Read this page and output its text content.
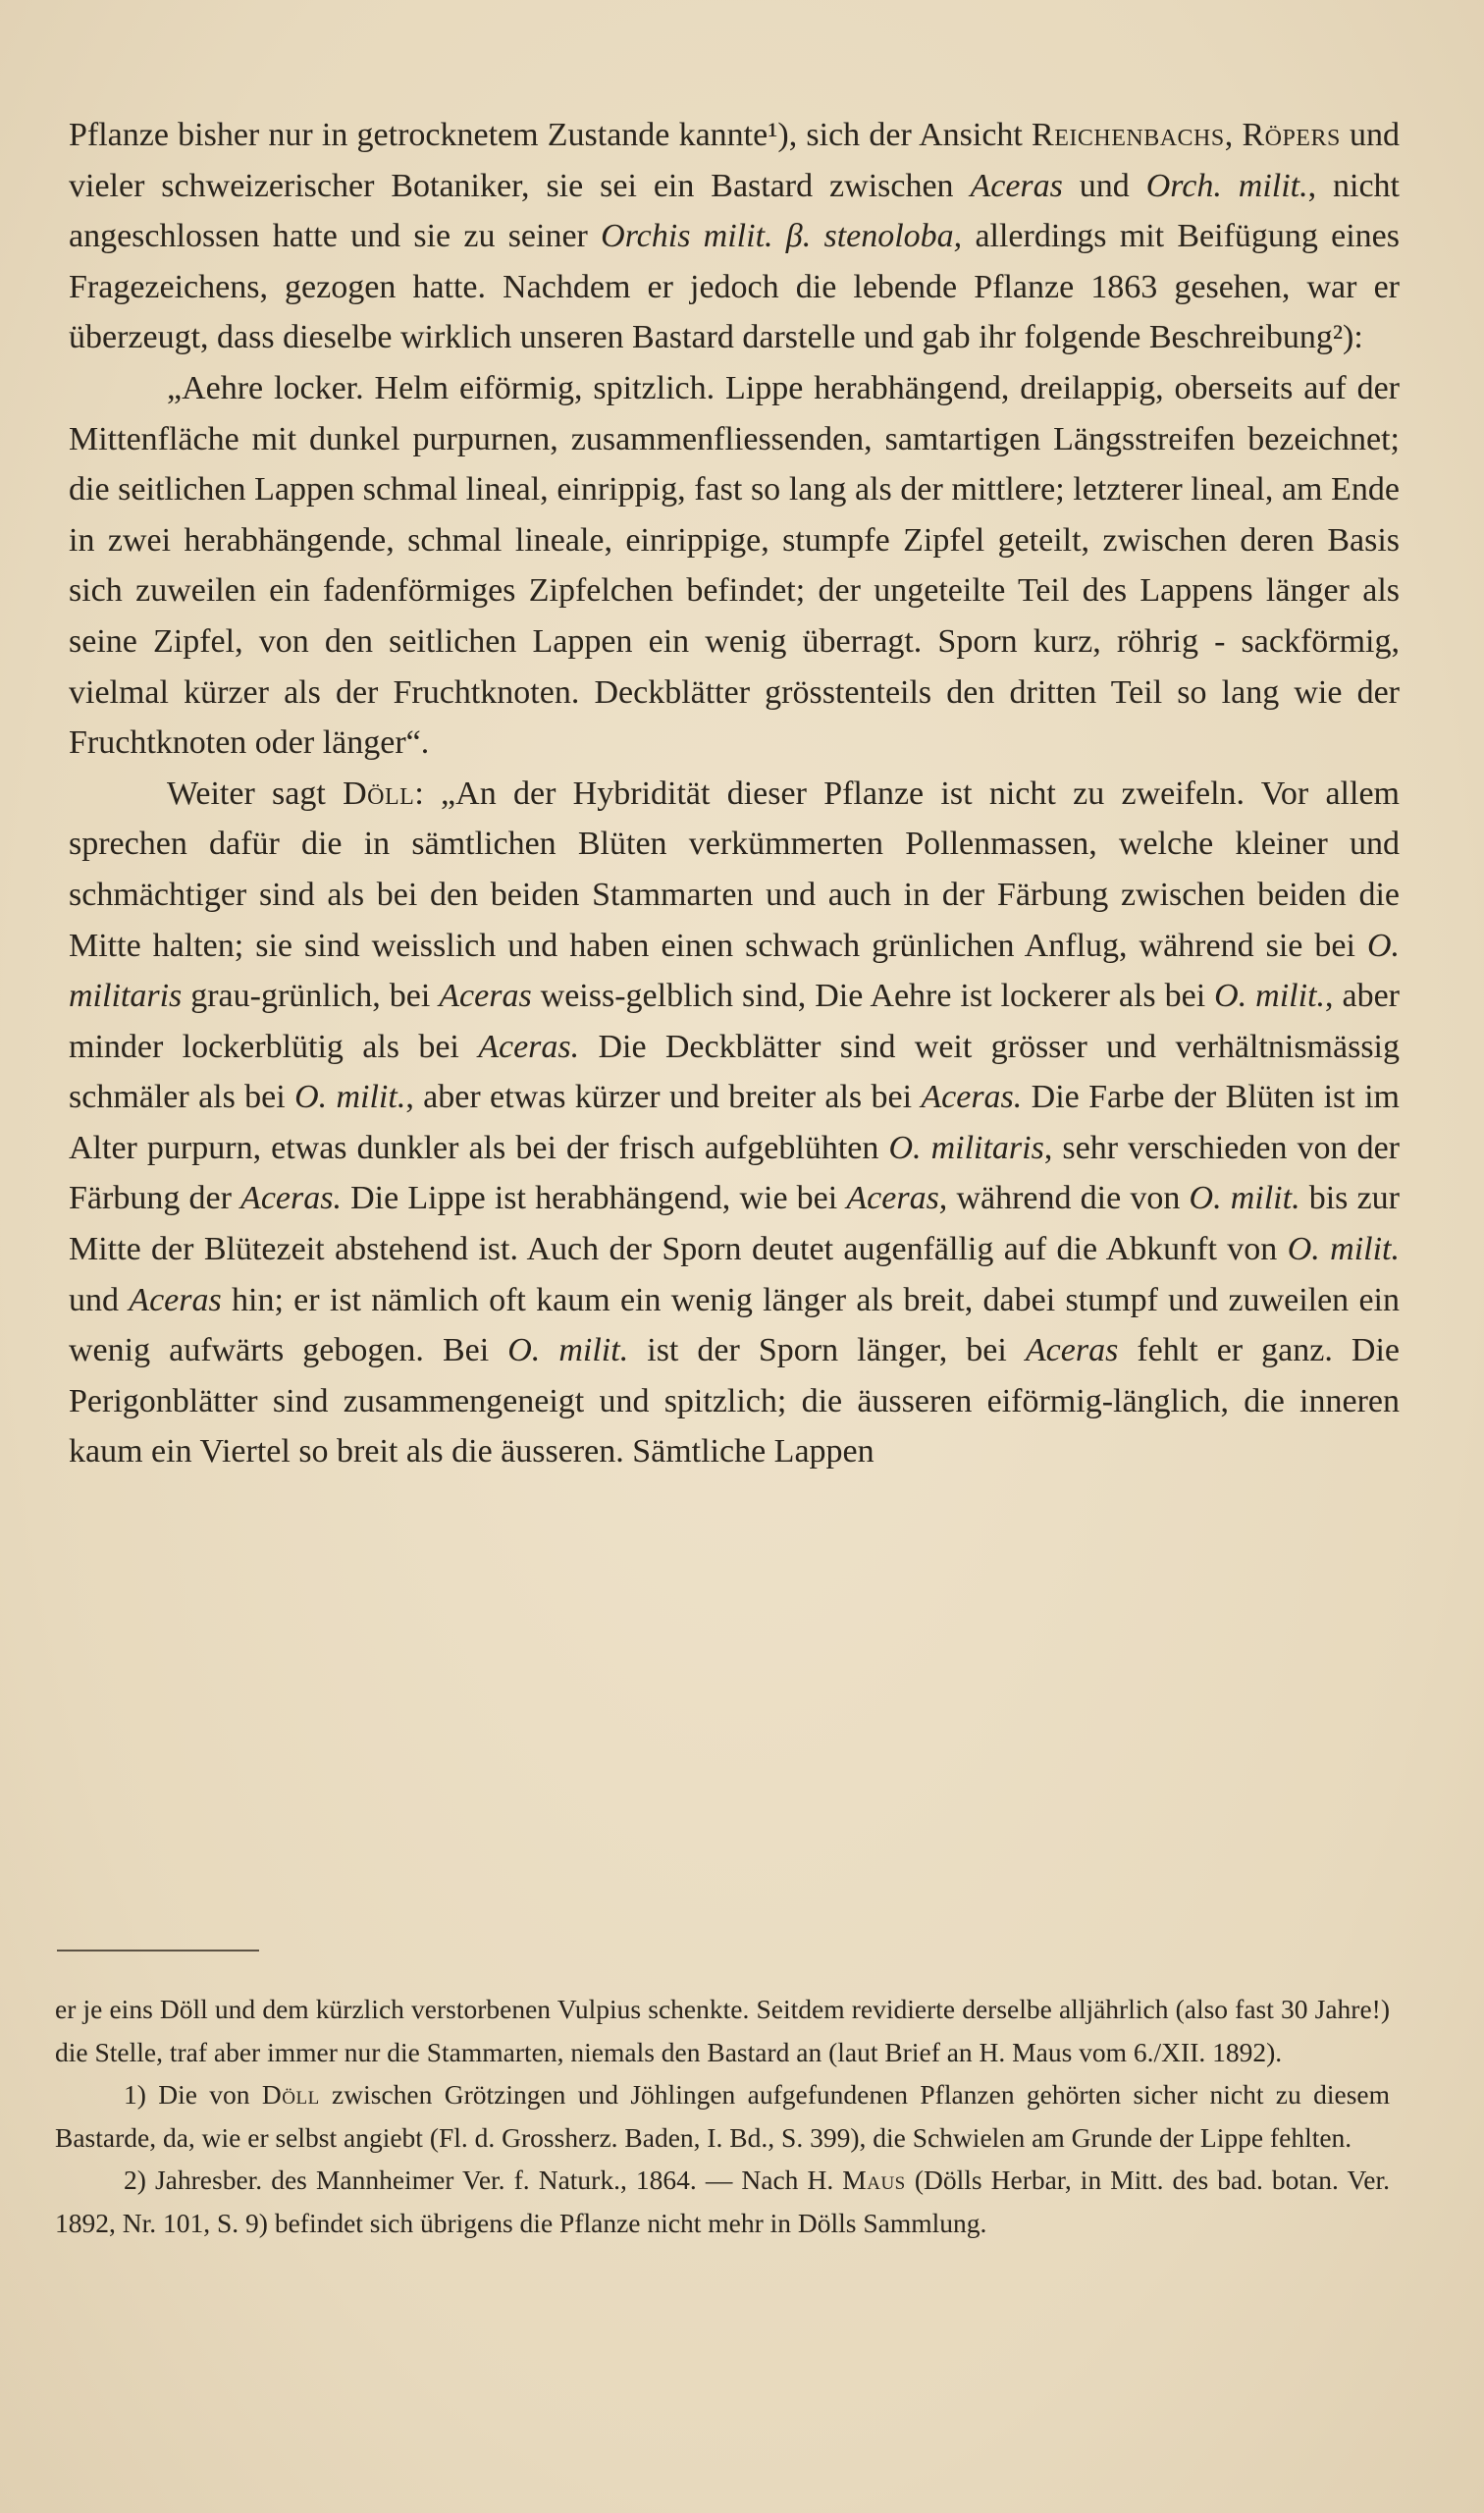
Pflanze bisher nur in getrocknetem Zustande kannte¹), sich der Ansicht Reichenbachs, Röpers und vieler schweizerischer Botaniker, sie sei ein Bastard zwischen Aceras und Orch. milit., nicht angeschlossen hatte und sie zu seiner Orchis milit. β. stenoloba, allerdings mit Beifügung eines Fragezeichens, gezogen hatte. Nachdem er jedoch die lebende Pflanze 1863 gesehen, war er überzeugt, dass dieselbe wirklich unseren Bastard darstelle und gab ihr folgende Beschreibung²):

„Aehre locker. Helm eiförmig, spitzlich. Lippe herabhängend, dreilappig, oberseits auf der Mittenfläche mit dunkel purpurnen, zusammenfliessenden, samtartigen Längsstreifen bezeichnet; die seitlichen Lappen schmal lineal, einrippig, fast so lang als der mittlere; letzterer lineal, am Ende in zwei herabhängende, schmal lineale, einrippige, stumpfe Zipfel geteilt, zwischen deren Basis sich zuweilen ein fadenförmiges Zipfelchen befindet; der ungeteilte Teil des Lappens länger als seine Zipfel, von den seitlichen Lappen ein wenig überragt. Sporn kurz, röhrig - sackförmig, vielmal kürzer als der Fruchtknoten. Deckblätter grösstenteils den dritten Teil so lang wie der Fruchtknoten oder länger“.

Weiter sagt Döll: „An der Hybridität dieser Pflanze ist nicht zu zweifeln. Vor allem sprechen dafür die in sämtlichen Blüten verkümmerten Pollenmassen, welche kleiner und schmächtiger sind als bei den beiden Stammarten und auch in der Färbung zwischen beiden die Mitte halten; sie sind weisslich und haben einen schwach grünlichen Anflug, während sie bei O. militaris grau-grünlich, bei Aceras weiss-gelblich sind, Die Aehre ist lockerer als bei O. milit., aber minder lockerblütig als bei Aceras. Die Deckblätter sind weit grösser und verhältnismässig schmäler als bei O. milit., aber etwas kürzer und breiter als bei Aceras. Die Farbe der Blüten ist im Alter purpurn, etwas dunkler als bei der frisch aufgeblühten O. militaris, sehr verschieden von der Färbung der Aceras. Die Lippe ist herabhängend, wie bei Aceras, während die von O. milit. bis zur Mitte der Blütezeit abstehend ist. Auch der Sporn deutet augenfällig auf die Abkunft von O. milit. und Aceras hin; er ist nämlich oft kaum ein wenig länger als breit, dabei stumpf und zuweilen ein wenig aufwärts gebogen. Bei O. milit. ist der Sporn länger, bei Aceras fehlt er ganz. Die Perigonblätter sind zusammengeneigt und spitzlich; die äusseren eiförmig-länglich, die inneren kaum ein Viertel so breit als die äusseren. Sämtliche Lappen

er je eins Döll und dem kürzlich verstorbenen Vulpius schenkte. Seitdem revidierte derselbe alljährlich (also fast 30 Jahre!) die Stelle, traf aber immer nur die Stammarten, niemals den Bastard an (laut Brief an H. Maus vom 6./XII. 1892).

1) Die von Döll zwischen Grötzingen und Jöhlingen aufgefundenen Pflanzen gehörten sicher nicht zu diesem Bastarde, da, wie er selbst angiebt (Fl. d. Grossherz. Baden, I. Bd., S. 399), die Schwielen am Grunde der Lippe fehlten.

2) Jahresber. des Mannheimer Ver. f. Naturk., 1864. — Nach H. Maus (Dölls Herbar, in Mitt. des bad. botan. Ver. 1892, Nr. 101, S. 9) befindet sich übrigens die Pflanze nicht mehr in Dölls Sammlung.
